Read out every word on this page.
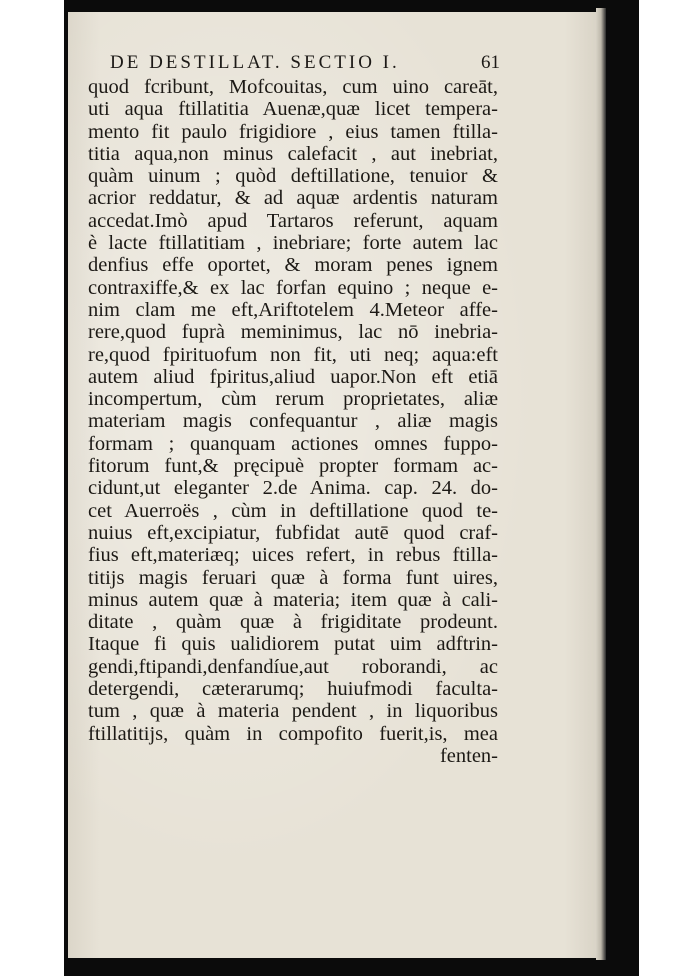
DE DESTILLAT. SECTIO I.	61
quod fcribunt, Mofcouitas, cum uino careāt,
uti aqua ftillatitia Auenæ,quæ licet tempera-
mento fit paulo frigidiore , eius tamen ftilla-
titia aqua,non minus calefacit , aut inebriat,
quàm uinum ; quòd deftillatione, tenuior &
acrior reddatur, & ad aquæ ardentis naturam
accedat.Imò apud Tartaros referunt, aquam
è lacte ftillatitiam , inebriare; forte autem lac
denfius effe oportet, & moram penes ignem
contraxiffe,& ex lac forfan equino ; neque e-
nim clam me eft,Ariftotelem 4.Meteor affe-
rere,quod fuprà meminimus, lac nō inebria-
re,quod fpirituofum non fit, uti neq; aqua:eft
autem aliud fpiritus,aliud uapor.Non eft etiā
incompertum, cùm rerum proprietates, aliæ
materiam magis confequantur , aliæ magis
formam ; quanquam actiones omnes fuppo-
fitorum funt,& pręcipuè propter formam ac-
cidunt,ut eleganter 2.de Anima. cap. 24. do-
cet Auerroës , cùm in deftillatione quod te-
nuius eft,excipiatur, fubfidat autē quod craf-
fius eft,materiæq; uices refert, in rebus ftilla-
titijs magis feruari quæ à forma funt uires,
minus autem quæ à materia; item quæ à cali-
ditate , quàm quæ à frigiditate prodeunt.
Itaque fi quis ualidiorem putat uim adftrin-
gendi,ftipandi,denfandíue,aut roborandi, ac
detergendi, cæterarumq; huiufmodi faculta-
tum , quæ à materia pendent , in liquoribus
ftillatitijs, quàm in compofito fuerit,is, mea
fenten-
